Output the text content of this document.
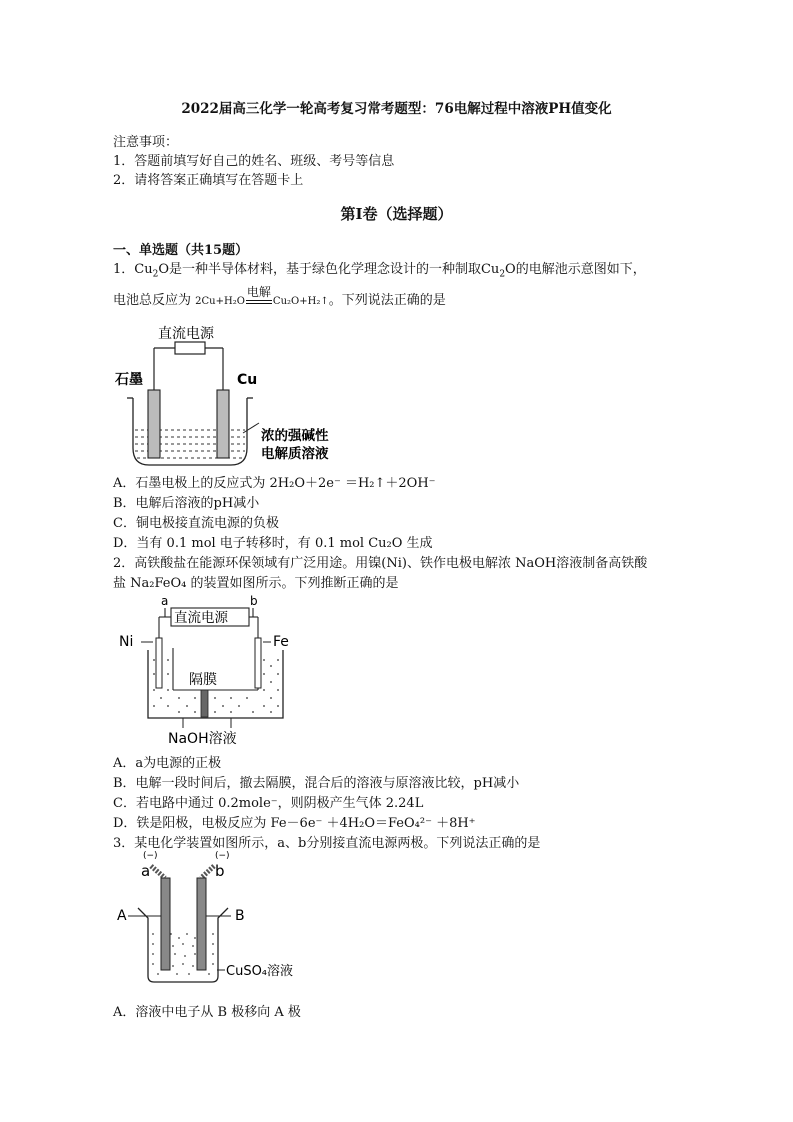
2022届高三化学一轮高考复习常考题型：76电解过程中溶液PH值变化
注意事项：
1．答题前填写好自己的姓名、班级、考号等信息
2．请将答案正确填写在答题卡上
第I卷（选择题）
一、单选题（共15题）
1．$Cu_2O$是一种半导体材料，基于绿色化学理念设计的一种制取$Cu_2O$的电解池示意图如下，
电池总反应为 2Cu+H₂O
电解
Cu₂O+H₂↑。下列说法正确的是
直流电源
石墨	Cu
浓的强碱性
电解质溶液
A．石墨电极上的反应式为 2H₂O＋2e⁻ ＝H₂↑＋2OH⁻
B．电解后溶液的pH减小
C．铜电极接直流电源的负极
D．当有 0.1 mol 电子转移时，有 0.1 mol Cu₂O 生成
2．高铁酸盐在能源环保领域有广泛用途。用镍(Ni)、铁作电极电解浓 NaOH溶液制备高铁酸
盐 Na₂FeO₄ 的装置如图所示。下列推断正确的是
a	b
直流电源
Ni	Fe
隔膜
NaOH溶液
A．a为电源的正极
B．电解一段时间后，撤去隔膜，混合后的溶液与原溶液比较，pH减小
C．若电路中通过 0.2mole⁻，则阴极产生气体 2.24L
D．铁是阳极，电极反应为 Fe－6e⁻ ＋4H₂O＝FeO₄²⁻ ＋8H⁺
3．某电化学装置如图所示，a、b分别接直流电源两极。下列说法正确的是
(−)	(−)
a	b
A	B
CuSO₄溶液
A．溶液中电子从 B 极移向 A 极
